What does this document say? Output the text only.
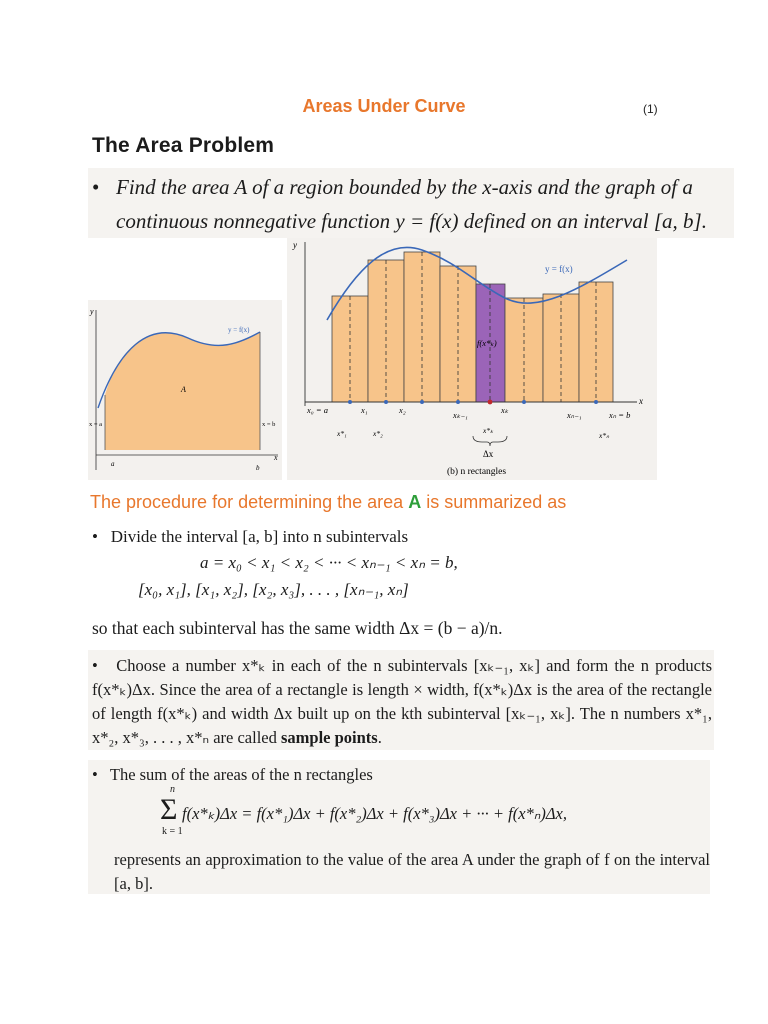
Areas Under Curve	(1)
The Area Problem
• Find the area A of a region bounded by the x-axis and the graph of a continuous nonnegative function y = f(x) defined on an interval [a, b].
y
x
y = f(x)
A
x = a	x = b
a	b
y
x
y = f(x)
f(x*ₖ)
x₀ = a	x₁	x₂	xₖ₋₁	xₖ	xₙ₋₁	xₙ = b
x*₁	x*₂	x*ₖ
x*ₙ
Δx
(b) n rectangles
The procedure for determining the area A is summarized as
• Divide the interval [a, b] into n subintervals
a = x₀ < x₁ < x₂ < ··· < xₙ₋₁ < xₙ = b,
[x₀, x₁], [x₁, x₂], [x₂, x₃], . . . , [xₙ₋₁, xₙ]
so that each subinterval has the same width Δx = (b − a)/n.
• Choose a number x*ₖ in each of the n subintervals [xₖ₋₁, xₖ] and form the n products f(x*ₖ)Δx. Since the area of a rectangle is length × width, f(x*ₖ)Δx is the area of the rectangle of length f(x*ₖ) and width Δx built up on the kth subinterval [xₖ₋₁, xₖ]. The n numbers x*₁, x*₂, x*₃, . . . , x*ₙ are called sample points.
• The sum of the areas of the n rectangles
n
Σ
k = 1
f(x*ₖ)Δx = f(x*₁)Δx + f(x*₂)Δx + f(x*₃)Δx + ··· + f(x*ₙ)Δx,
represents an approximation to the value of the area A under the graph of f on the interval [a, b].
